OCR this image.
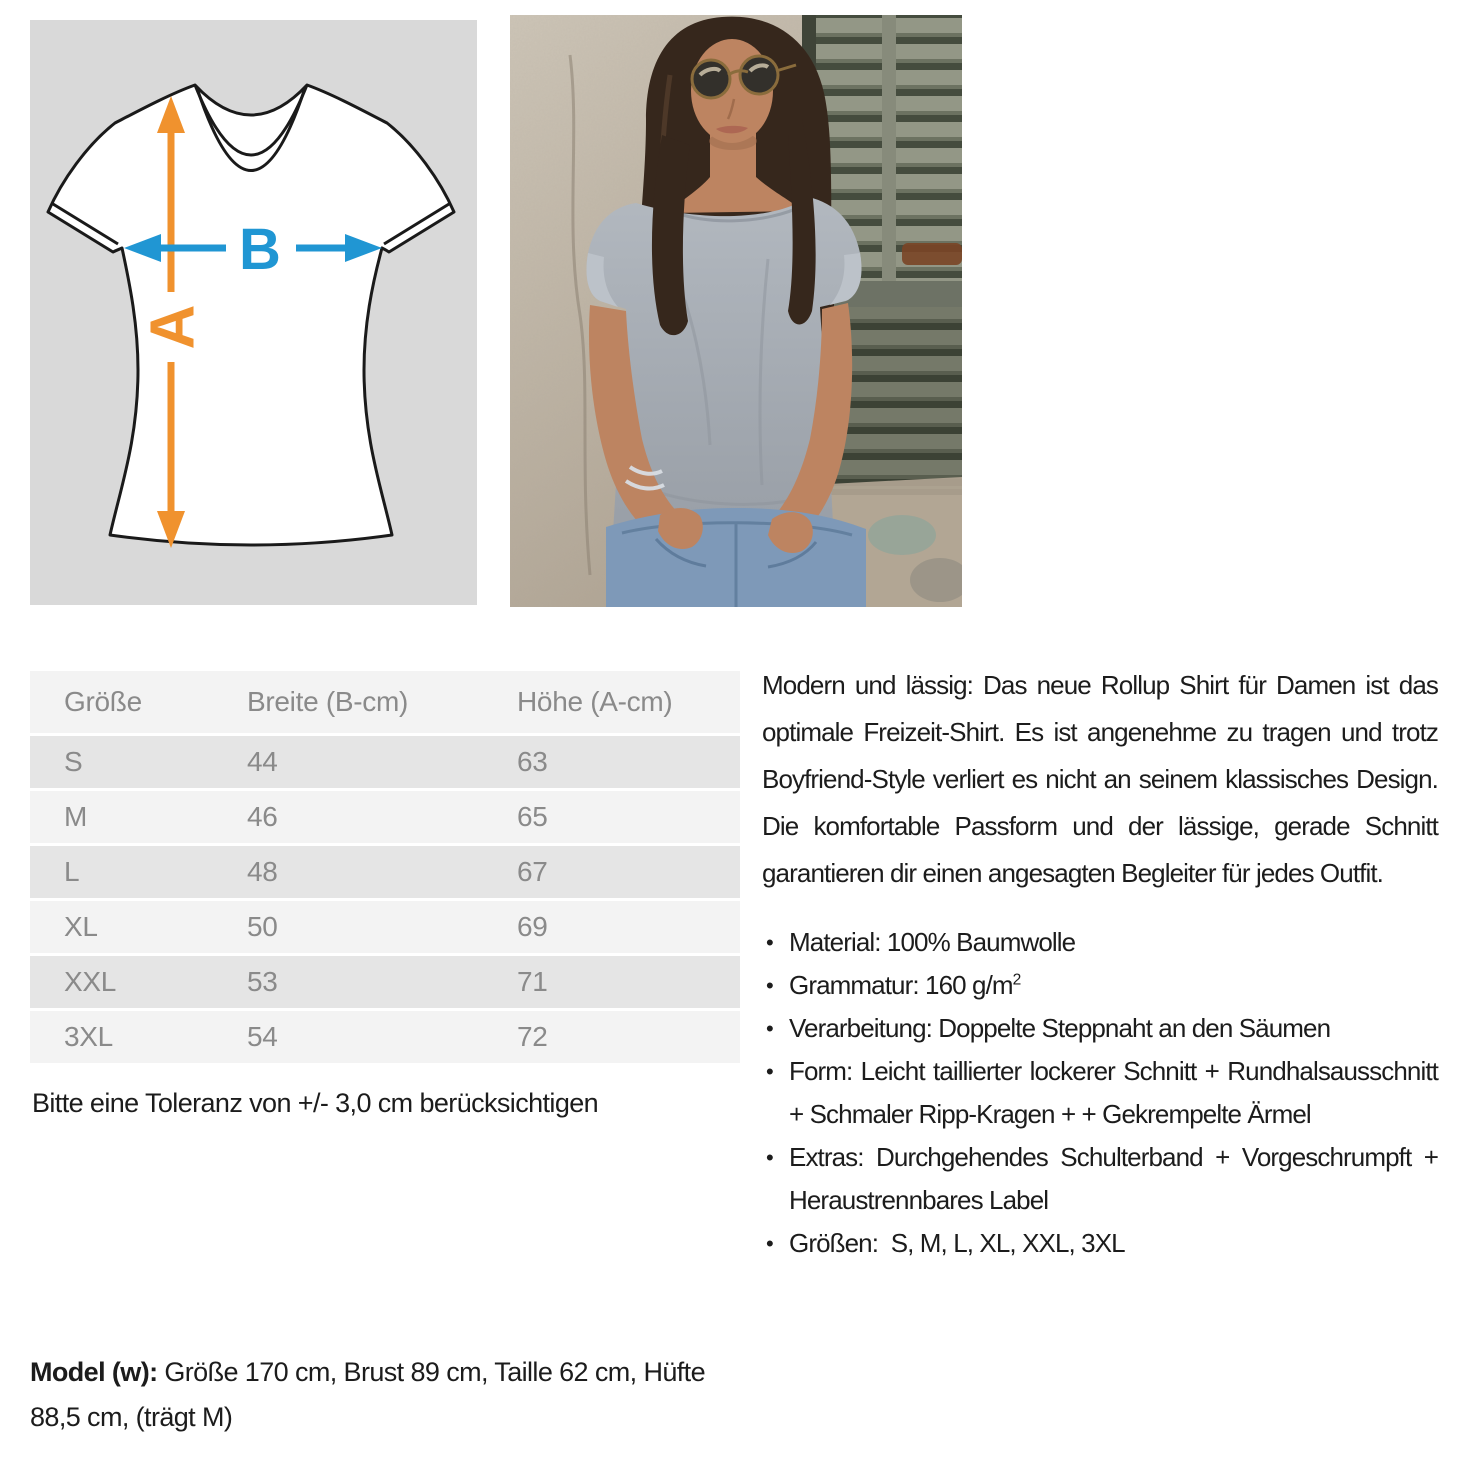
A
B
Größe	Breite (B-cm)	Höhe (A-cm)
S	44	63
M	46	65
L	48	67
XL	50	69
XXL	53	71
3XL	54	72
Bitte eine Toleranz von +/- 3,0 cm berücksichtigen

Modern und lässig: Das neue Rollup Shirt für Damen ist das optimale Freizeit-Shirt. Es ist angenehme zu tragen und trotz Boyfriend-Style verliert es nicht an seinem klassisches Design. Die komfortable Passform und der lässige, gerade Schnitt garantieren dir einen angesagten Begleiter für jedes Outfit.

• Material: 100% Baumwolle
• Grammatur: 160 $g/m^2$
• Verarbeitung: Doppelte Steppnaht an den Säumen
• Form: Leicht taillierter lockerer Schnitt + Rundhalsausschnitt + Schmaler Ripp-Kragen + + Gekrempelte Ärmel
• Extras: Durchgehendes Schulterband + Vorgeschrumpft + Heraustrennbares Label
• Größen:  S, M, L, XL, XXL, 3XL
Model (w): Größe 170 cm, Brust 89 cm, Taille 62 cm, Hüfte 88,5 cm, (trägt M)
